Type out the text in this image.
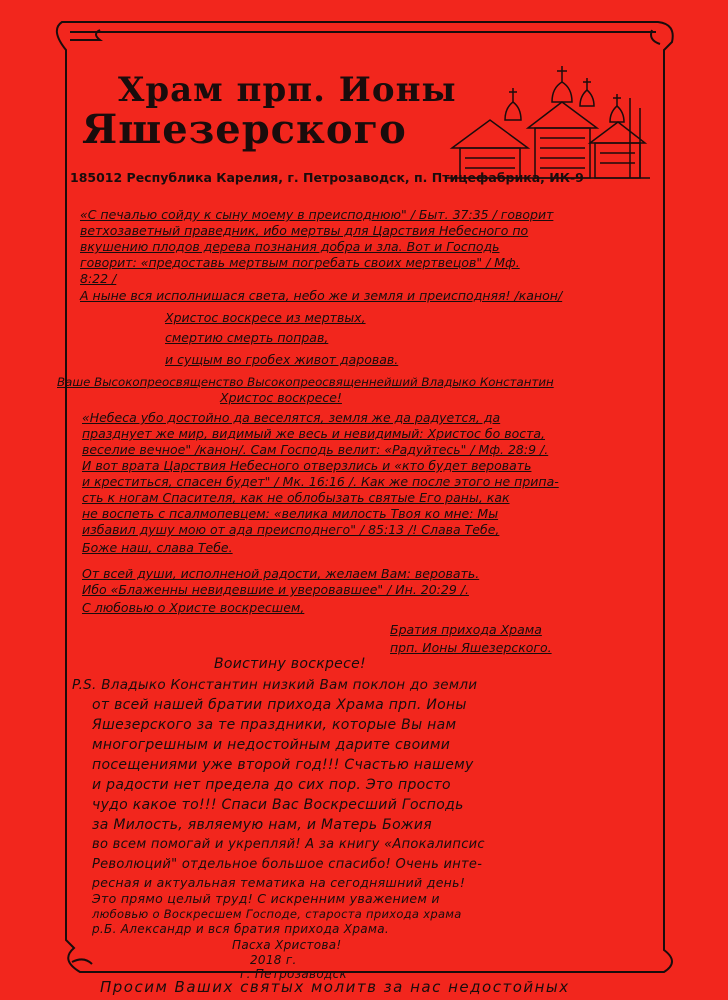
Храм прп. Ионы
Яшезерского
185012 Республика Карелия, г. Петрозаводск, п. Птицефабрика, ИК-9
«С печалью сойду к сыну моему в преисподнюю" / Быт. 37:35 / говорит
ветхозаветный праведник, ибо мертвы для Царствия Небесного по
вкушению плодов дерева познания добра и зла. Вот и Господь
говорит: «предоставь мертвым погребать своих мертвецов" / Мф.
8:22 /
А ныне вся исполнишася света, небо же и земля и преисподняя! /канон/
Христос воскресе из мертвых,
смертию смерть поправ,
и сущым во гробех живот даровав.
Ваше Высокопреосвященство Высокопреосвященнейший Владыко Константин
Христос воскресе!
«Небеса убо достойно да веселятся, земля же да радуется, да
празднует же мир, видимый же весь и невидимый: Христос бо воста,
веселие вечное" /канон/. Сам Господь велит: «Радуйтесь" / Мф. 28:9 /.
И вот врата Царствия Небесного отверзлись и «кто будет веровать
и креститься, спасен будет" / Мк. 16:16 /. Как же после этого не припа-
сть к ногам Спасителя, как не облобызать святые Его раны, как
не воспеть с псалмопевцем: «велика милость Твоя ко мне: Мы
избавил душу мою от ада преисподнего" / 85:13 /! Слава Тебе,
Боже наш, слава Тебе.
От всей души, исполненой радости, желаем Вам: веровать.
Ибо «Блаженны невидевшие и уверовавшее" / Ин. 20:29 /.
С любовью о Христе воскресшем,
Братия прихода Храма
прп. Ионы Яшезерского.
Воистину воскресе!
P.S. Владыко Константин низкий Вам поклон до земли
от всей нашей братии прихода Храма прп. Ионы
Яшезерского за те праздники, которые Вы нам
многогрешным и недостойным дарите своими
посещениями уже второй год!!! Счастью нашему
и радости нет предела до сих пор. Это просто
чудо какое то!!! Спаси Вас Воскресший Господь
за Милость, являемую нам, и Матерь Божия
во всем помогай и укрепляй! А за книгу «Апокалипсис
Революций" отдельное большое спасибо! Очень инте-
ресная и актуальная тематика на сегодняшний день!
Это прямо целый труд! С искренним уважением и
любовью о Воскресшем Господе, староста прихода храма
р.Б. Александр и вся братия прихода Храма.
Пасха Христова!
2018 г.
г. Петрозаводск
Просим Ваших святых молитв за нас недостойных
